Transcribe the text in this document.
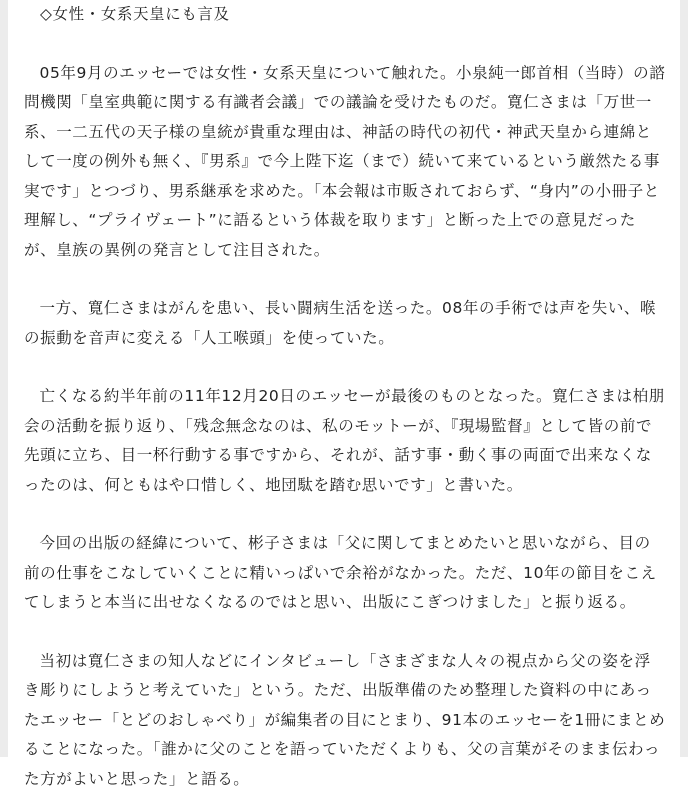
◇女性・女系天皇にも言及

05年9月のエッセーでは女性・女系天皇について触れた。小泉純一郎首相（当時）の諮問機関「皇室典範に関する有識者会議」での議論を受けたものだ。寛仁さまは「万世一系、一二五代の天子様の皇統が貴重な理由は、神話の時代の初代・神武天皇から連綿として一度の例外も無く、『男系』で今上陛下迄（まで）続いて来ているという厳然たる事実です」とつづり、男系継承を求めた。「本会報は市販されておらず、“身内”の小冊子と理解し、“プライヴェート”に語るという体裁を取ります」と断った上での意見だったが、皇族の異例の発言として注目された。

一方、寛仁さまはがんを患い、長い闘病生活を送った。08年の手術では声を失い、喉の振動を音声に変える「人工喉頭」を使っていた。

亡くなる約半年前の11年12月20日のエッセーが最後のものとなった。寛仁さまは柏朋会の活動を振り返り、「残念無念なのは、私のモットーが、『現場監督』として皆の前で先頭に立ち、目一杯行動する事ですから、それが、話す事・動く事の両面で出来なくなったのは、何ともはや口惜しく、地団駄を踏む思いです」と書いた。

今回の出版の経緯について、彬子さまは「父に関してまとめたいと思いながら、目の前の仕事をこなしていくことに精いっぱいで余裕がなかった。ただ、10年の節目をこえてしまうと本当に出せなくなるのではと思い、出版にこぎつけました」と振り返る。

当初は寛仁さまの知人などにインタビューし「さまざまな人々の視点から父の姿を浮き彫りにしようと考えていた」という。ただ、出版準備のため整理した資料の中にあったエッセー「とどのおしゃべり」が編集者の目にとまり、91本のエッセーを1冊にまとめることになった。「誰かに父のことを語っていただくよりも、父の言葉がそのまま伝わった方がよいと思った」と語る。
